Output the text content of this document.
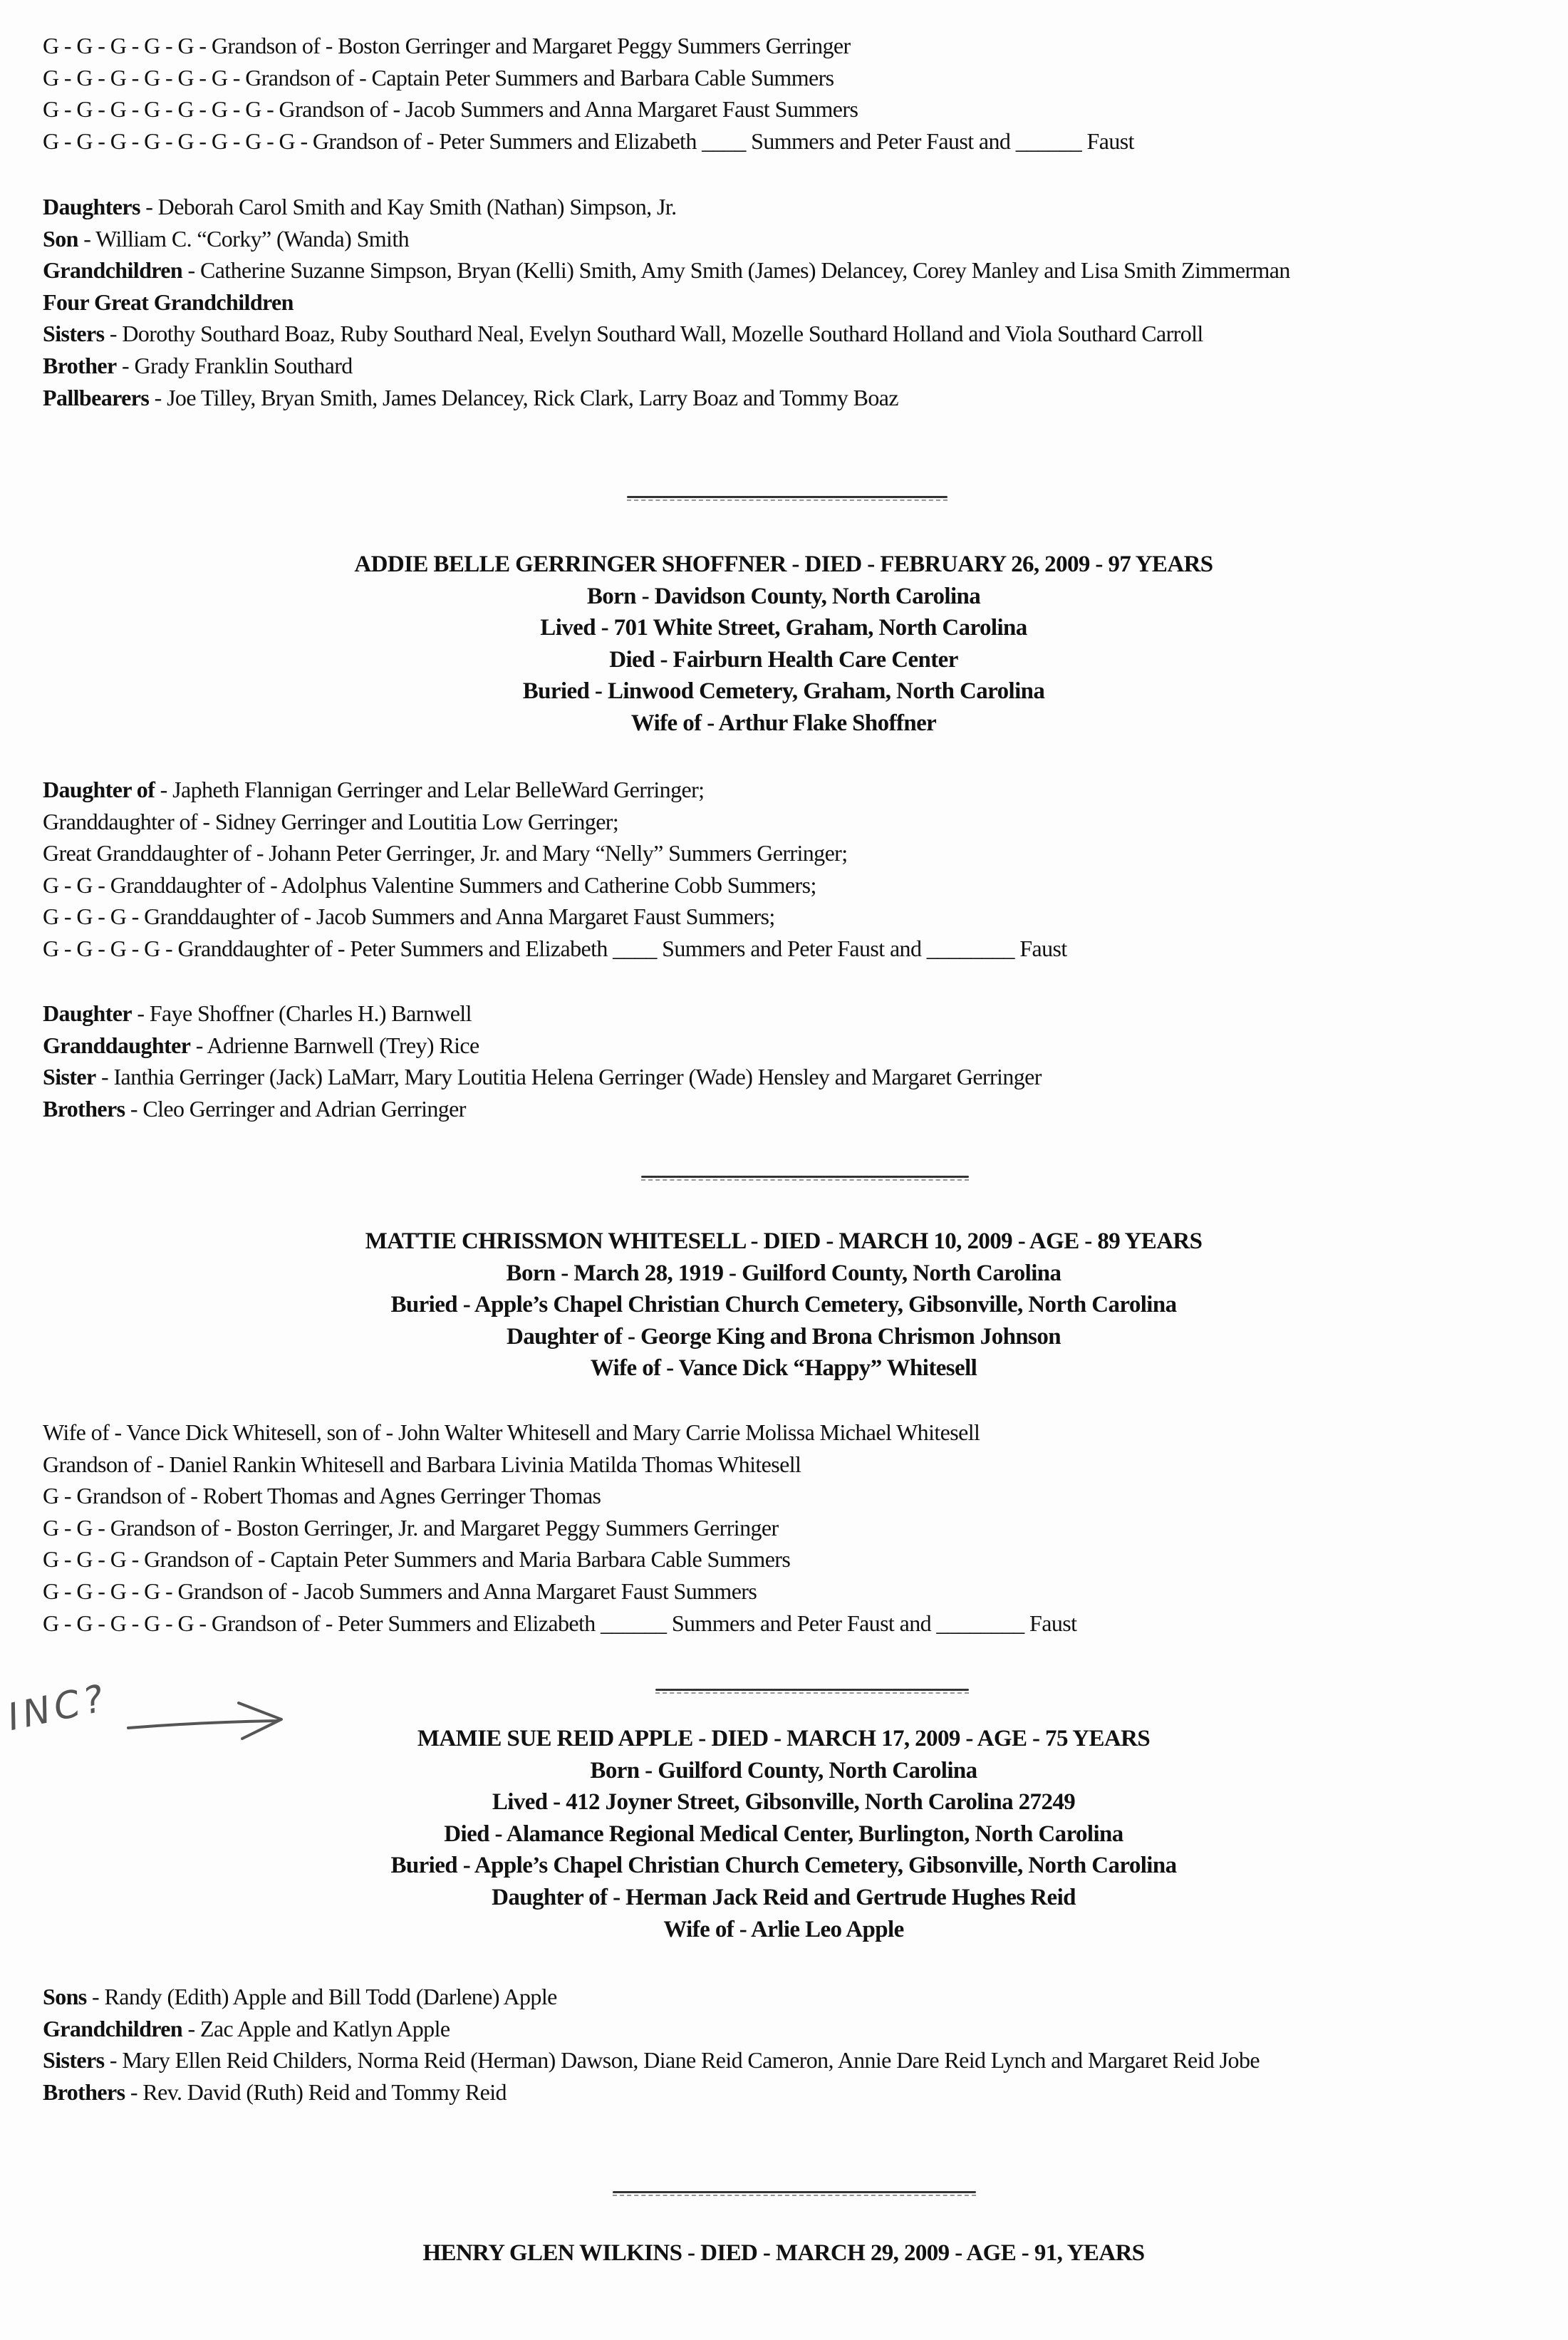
G - G - G - G - G - Grandson of - Boston Gerringer and Margaret Peggy Summers Gerringer
G - G - G - G - G - G - Grandson of - Captain Peter Summers and Barbara Cable Summers
G - G - G - G - G - G - G - Grandson of - Jacob Summers and Anna Margaret Faust Summers
G - G - G - G - G - G - G - G - Grandson of - Peter Summers and Elizabeth ____ Summers and Peter Faust and ______ Faust
Daughters - Deborah Carol Smith and Kay Smith (Nathan) Simpson, Jr.
Son - William C. “Corky” (Wanda) Smith
Grandchildren - Catherine Suzanne Simpson, Bryan (Kelli) Smith, Amy Smith (James) Delancey, Corey Manley and Lisa Smith Zimmerman
Four Great Grandchildren
Sisters - Dorothy Southard Boaz, Ruby Southard Neal, Evelyn Southard Wall, Mozelle Southard Holland and Viola Southard Carroll
Brother - Grady Franklin Southard
Pallbearers - Joe Tilley, Bryan Smith, James Delancey, Rick Clark, Larry Boaz and Tommy Boaz
ADDIE BELLE GERRINGER SHOFFNER - DIED - FEBRUARY 26, 2009 - 97 YEARS
Born - Davidson County, North Carolina
Lived - 701 White Street, Graham, North Carolina
Died - Fairburn Health Care Center
Buried - Linwood Cemetery, Graham, North Carolina
Wife of - Arthur Flake Shoffner
Daughter of - Japheth Flannigan Gerringer and Lelar BelleWard Gerringer;
Granddaughter of - Sidney Gerringer and Loutitia Low Gerringer;
Great Granddaughter of - Johann Peter Gerringer, Jr. and Mary “Nelly” Summers Gerringer;
G - G - Granddaughter of - Adolphus Valentine Summers and Catherine Cobb Summers;
G - G - G - Granddaughter of - Jacob Summers and Anna Margaret Faust Summers;
G - G - G - G - Granddaughter of - Peter Summers and Elizabeth ____ Summers and Peter Faust and ________ Faust
Daughter - Faye Shoffner (Charles H.) Barnwell
Granddaughter - Adrienne Barnwell (Trey) Rice
Sister - Ianthia Gerringer (Jack) LaMarr, Mary Loutitia Helena Gerringer (Wade) Hensley and Margaret Gerringer
Brothers - Cleo Gerringer and Adrian Gerringer
MATTIE CHRISSMON WHITESELL - DIED - MARCH 10, 2009 - AGE - 89 YEARS
Born - March 28, 1919 - Guilford County, North Carolina
Buried - Apple’s Chapel Christian Church Cemetery, Gibsonville, North Carolina
Daughter of - George King and Brona Chrismon Johnson
Wife of - Vance Dick “Happy” Whitesell
Wife of - Vance Dick Whitesell, son of - John Walter Whitesell and Mary Carrie Molissa Michael Whitesell
Grandson of - Daniel Rankin Whitesell and Barbara Livinia Matilda Thomas Whitesell
G - Grandson of - Robert Thomas and Agnes Gerringer Thomas
G - G - Grandson of - Boston Gerringer, Jr. and Margaret Peggy Summers Gerringer
G - G - G - Grandson of - Captain Peter Summers and Maria Barbara Cable Summers
G - G - G - G - Grandson of - Jacob Summers and Anna Margaret Faust Summers
G - G - G - G - G - Grandson of - Peter Summers and Elizabeth ______ Summers and Peter Faust and ________ Faust
INC?	MAMIE SUE REID APPLE - DIED - MARCH 17, 2009 - AGE - 75 YEARS
Born - Guilford County, North Carolina
Lived - 412 Joyner Street, Gibsonville, North Carolina 27249
Died - Alamance Regional Medical Center, Burlington, North Carolina
Buried - Apple’s Chapel Christian Church Cemetery, Gibsonville, North Carolina
Daughter of - Herman Jack Reid and Gertrude Hughes Reid
Wife of - Arlie Leo Apple
Sons - Randy (Edith) Apple and Bill Todd (Darlene) Apple
Grandchildren - Zac Apple and Katlyn Apple
Sisters - Mary Ellen Reid Childers, Norma Reid (Herman) Dawson, Diane Reid Cameron, Annie Dare Reid Lynch and Margaret Reid Jobe
Brothers - Rev. David (Ruth) Reid and Tommy Reid
HENRY GLEN WILKINS - DIED - MARCH 29, 2009 - AGE - 91, YEARS
